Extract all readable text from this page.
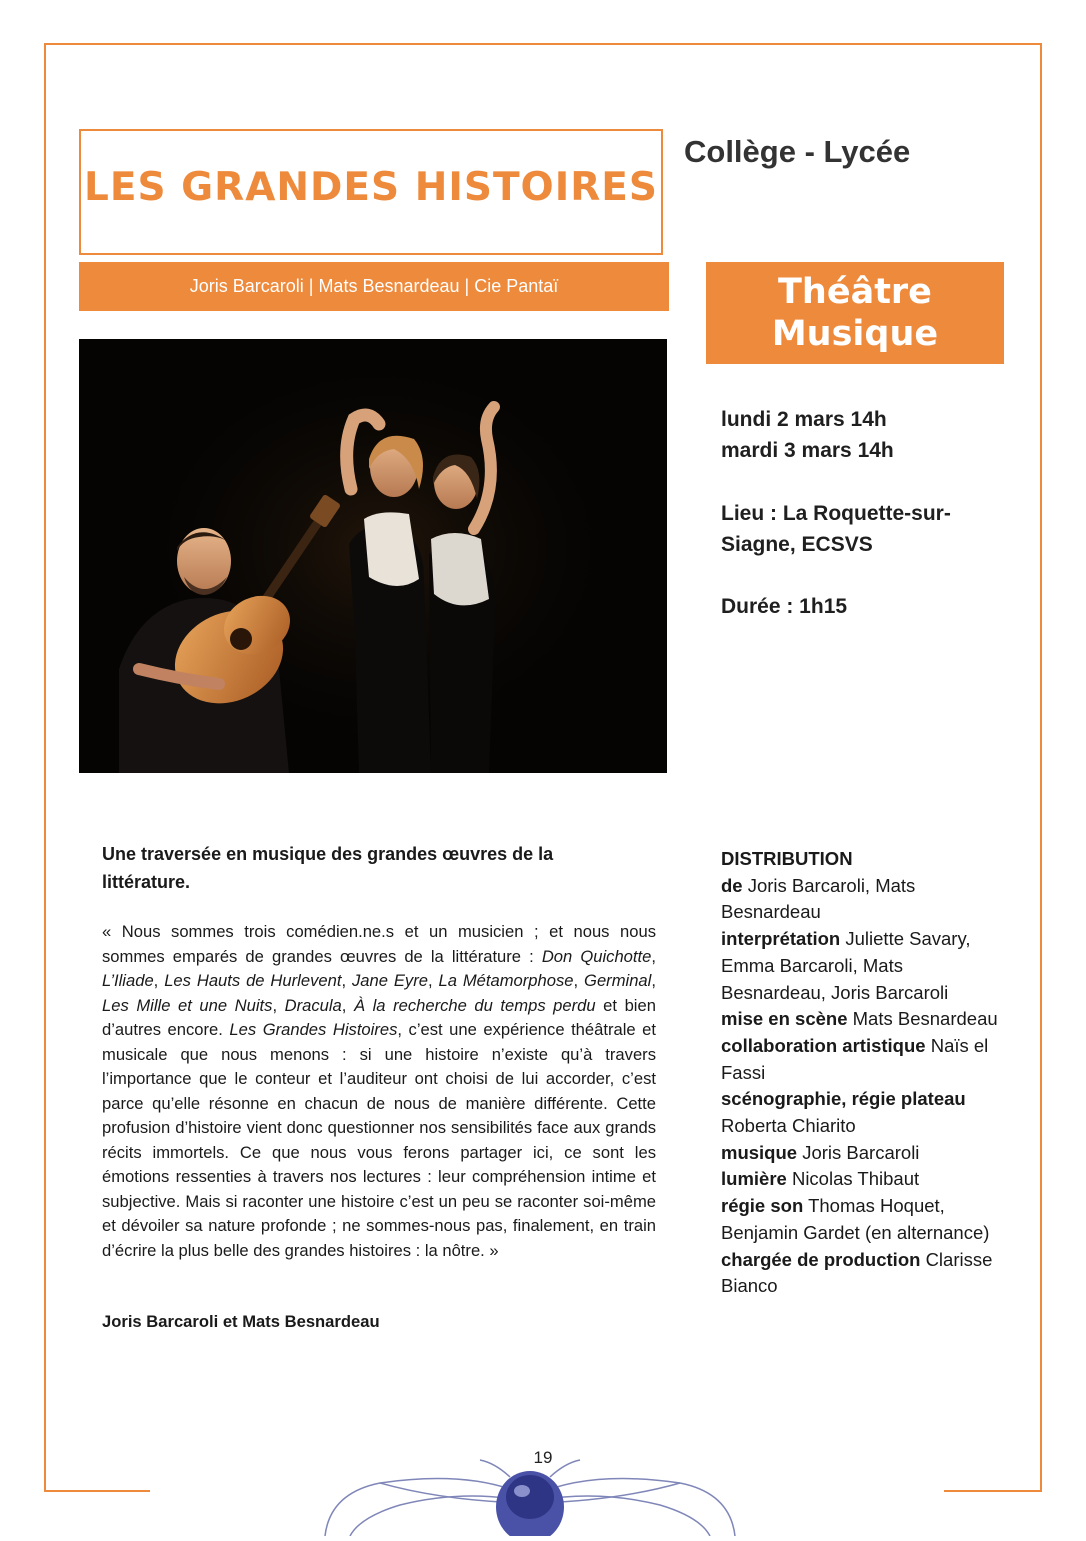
LES GRANDES HISTOIRES
Collège - Lycée
Joris Barcaroli | Mats Besnardeau | Cie Pantaï	Théâtre
Musique
lundi 2 mars 14h
mardi 3 mars 14h
Lieu : La Roquette-sur-
Siagne, ECSVS
Durée : 1h15
Une traversée en musique des grandes œuvres de la littérature.

« Nous sommes trois comédien.ne.s et un musicien ; et nous nous sommes emparés de grandes œuvres de la littérature : Don Quichotte, L’Iliade, Les Hauts de Hurlevent, Jane Eyre, La Métamorphose, Germinal, Les Mille et une Nuits, Dracula, À la recherche du temps perdu et bien d’autres encore. Les Grandes Histoires, c’est une expérience théâtrale et musicale que nous menons : si une histoire n’existe qu’à travers l’importance que le conteur et l’auditeur ont choisi de lui accorder, c’est parce qu’elle résonne en chacun de nous de manière différente. Cette profusion d’histoire vient donc questionner nos sensibilités face aux grands récits immortels. Ce que nous vous ferons partager ici, ce sont les émotions ressenties à travers nos lectures : leur compréhension intime et subjective. Mais si raconter une histoire c’est un peu se raconter soi-même et dévoiler sa nature profonde ; ne sommes-nous pas, finalement, en train d’écrire la plus belle des grandes histoires : la nôtre. »

Joris Barcaroli et Mats Besnardeau
DISTRIBUTION
de Joris Barcaroli, Mats Besnardeau
interprétation Juliette Savary, Emma Barcaroli, Mats Besnardeau, Joris Barcaroli
mise en scène Mats Besnardeau
collaboration artistique Naïs el Fassi
scénographie, régie plateau Roberta Chiarito
musique Joris Barcaroli
lumière Nicolas Thibaut
régie son Thomas Hoquet, Benjamin Gardet (en alternance)
chargée de production Clarisse Bianco
19
